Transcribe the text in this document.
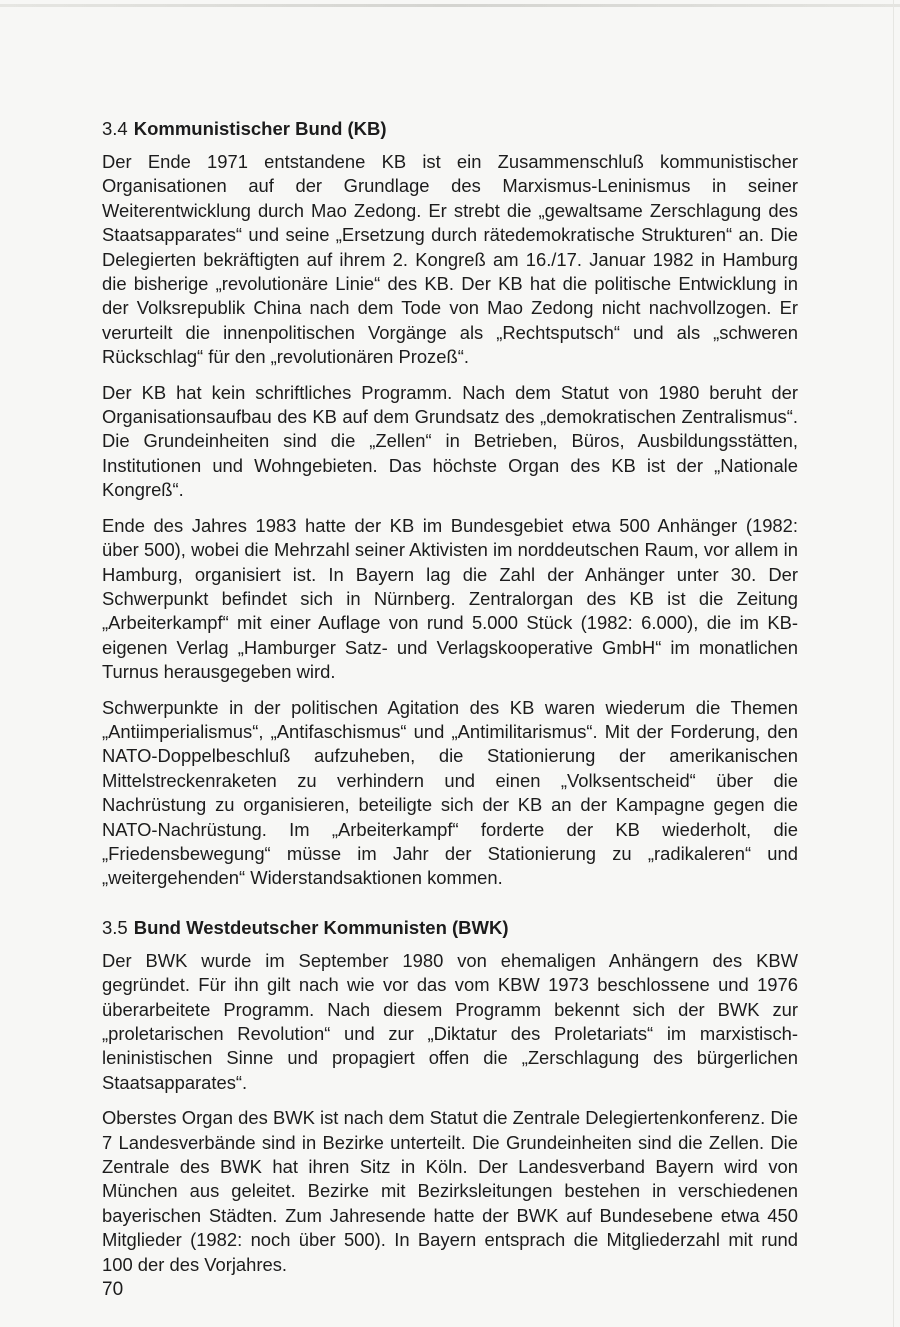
3.4 Kommunistischer Bund (KB)

Der Ende 1971 entstandene KB ist ein Zusammenschluß kommunistischer Organisationen auf der Grundlage des Marxismus-Leninismus in seiner Weiterentwicklung durch Mao Zedong. Er strebt die „gewaltsame Zerschlagung des Staatsapparates“ und seine „Ersetzung durch rätedemokratische Strukturen“ an. Die Delegierten bekräftigten auf ihrem 2. Kongreß am 16./17. Januar 1982 in Hamburg die bisherige „revolutionäre Linie“ des KB. Der KB hat die politische Entwicklung in der Volksrepublik China nach dem Tode von Mao Zedong nicht nachvollzogen. Er verurteilt die innenpolitischen Vorgänge als „Rechtsputsch“ und als „schweren Rückschlag“ für den „revolutionären Prozeß“.

Der KB hat kein schriftliches Programm. Nach dem Statut von 1980 beruht der Organisationsaufbau des KB auf dem Grundsatz des „demokratischen Zentralismus“. Die Grundeinheiten sind die „Zellen“ in Betrieben, Büros, Ausbildungsstätten, Institutionen und Wohngebieten. Das höchste Organ des KB ist der „Nationale Kongreß“.

Ende des Jahres 1983 hatte der KB im Bundesgebiet etwa 500 Anhänger (1982: über 500), wobei die Mehrzahl seiner Aktivisten im norddeutschen Raum, vor allem in Hamburg, organisiert ist. In Bayern lag die Zahl der Anhänger unter 30. Der Schwerpunkt befindet sich in Nürnberg. Zentralorgan des KB ist die Zeitung „Arbeiterkampf“ mit einer Auflage von rund 5.000 Stück (1982: 6.000), die im KB-eigenen Verlag „Hamburger Satz- und Verlagskooperative GmbH“ im monatlichen Turnus herausgegeben wird.

Schwerpunkte in der politischen Agitation des KB waren wiederum die Themen „Antiimperialismus“, „Antifaschismus“ und „Antimilitarismus“. Mit der Forderung, den NATO-Doppelbeschluß aufzuheben, die Stationierung der amerikanischen Mittelstreckenraketen zu verhindern und einen „Volksentscheid“ über die Nachrüstung zu organisieren, beteiligte sich der KB an der Kampagne gegen die NATO-Nachrüstung. Im „Arbeiterkampf“ forderte der KB wiederholt, die „Friedensbewegung“ müsse im Jahr der Stationierung zu „radikaleren“ und „weitergehenden“ Widerstandsaktionen kommen.

3.5 Bund Westdeutscher Kommunisten (BWK)

Der BWK wurde im September 1980 von ehemaligen Anhängern des KBW gegründet. Für ihn gilt nach wie vor das vom KBW 1973 beschlossene und 1976 überarbeitete Programm. Nach diesem Programm bekennt sich der BWK zur „proletarischen Revolution“ und zur „Diktatur des Proletariats“ im marxistisch-leninistischen Sinne und propagiert offen die „Zerschlagung des bürgerlichen Staatsapparates“.

Oberstes Organ des BWK ist nach dem Statut die Zentrale Delegiertenkonferenz. Die 7 Landesverbände sind in Bezirke unterteilt. Die Grundeinheiten sind die Zellen. Die Zentrale des BWK hat ihren Sitz in Köln. Der Landesverband Bayern wird von München aus geleitet. Bezirke mit Bezirksleitungen bestehen in verschiedenen bayerischen Städten. Zum Jahresende hatte der BWK auf Bundesebene etwa 450 Mitglieder (1982: noch über 500). In Bayern entsprach die Mitgliederzahl mit rund 100 der des Vorjahres.

70
